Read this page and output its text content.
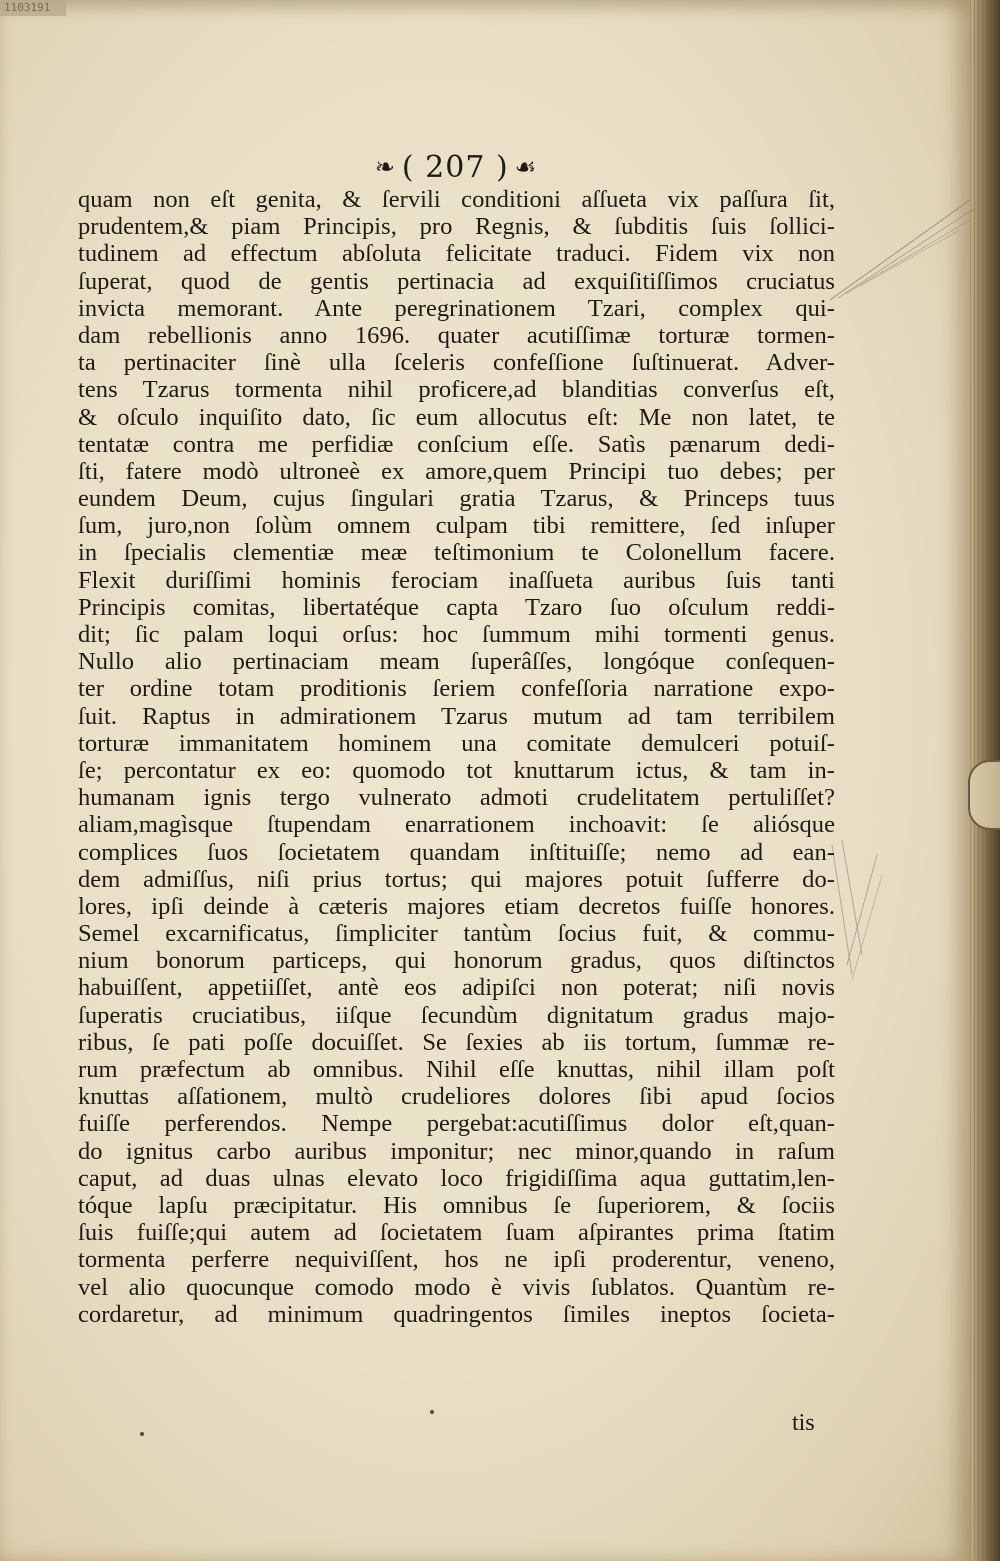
1103191
❧ ( 207 ) ☙
quam non eſt genita, & ſervili conditioni aſſueta vix paſſura ſit,
prudentem,& piam Principis, pro Regnis, & ſubditis ſuis ſollici-
tudinem ad effectum abſoluta felicitate traduci. Fidem vix non
ſuperat, quod de gentis pertinacia ad exquiſitiſſimos cruciatus
invicta memorant. Ante peregrinationem Tzari, complex qui-
dam rebellionis anno 1696. quater acutiſſimæ torturæ tormen-
ta pertinaciter ſinè ulla ſceleris confeſſione ſuſtinuerat. Adver-
tens Tzarus tormenta nihil proficere,ad blanditias converſus eſt,
& oſculo inquiſito dato, ſic eum allocutus eſt: Me non latet, te
tentatæ contra me perfidiæ conſcium eſſe. Satìs pænarum dedi-
ſti, fatere modò ultroneè ex amore,quem Principi tuo debes; per
eundem Deum, cujus ſingulari gratia Tzarus, & Princeps tuus
ſum, juro,non ſolùm omnem culpam tibi remittere, ſed inſuper
in ſpecialis clementiæ meæ teſtimonium te Colonellum facere.
Flexit duriſſimi hominis ferociam inaſſueta auribus ſuis tanti
Principis comitas, libertatéque capta Tzaro ſuo oſculum reddi-
dit; ſic palam loqui orſus: hoc ſummum mihi tormenti genus.
Nullo alio pertinaciam meam ſuperâſſes, longóque conſequen-
ter ordine totam proditionis ſeriem confeſſoria narratione expo-
ſuit. Raptus in admirationem Tzarus mutum ad tam terribilem
torturæ immanitatem hominem una comitate demulceri potuiſ-
ſe; percontatur ex eo: quomodo tot knuttarum ictus, & tam in-
humanam ignis tergo vulnerato admoti crudelitatem pertuliſſet?
aliam,magìsque ſtupendam enarrationem inchoavit: ſe aliósque
complices ſuos ſocietatem quandam inſtituiſſe; nemo ad ean-
dem admiſſus, niſi prius tortus; qui majores potuit ſufferre do-
lores, ipſi deinde à cæteris majores etiam decretos fuiſſe honores.
Semel excarnificatus, ſimpliciter tantùm ſocius fuit, & commu-
nium bonorum particeps, qui honorum gradus, quos diſtinctos
habuiſſent, appetiiſſet, antè eos adipiſci non poterat; niſi novis
ſuperatis cruciatibus, iiſque ſecundùm dignitatum gradus majo-
ribus, ſe pati poſſe docuiſſet. Se ſexies ab iis tortum, ſummæ re-
rum præfectum ab omnibus. Nihil eſſe knuttas, nihil illam poſt
knuttas aſſationem, multò crudeliores dolores ſibi apud ſocios
fuiſſe perferendos. Nempe pergebat:acutiſſimus dolor eſt,quan-
do ignitus carbo auribus imponitur; nec minor,quando in raſum
caput, ad duas ulnas elevato loco frigidiſſima aqua guttatim,len-
tóque lapſu præcipitatur. His omnibus ſe ſuperiorem, & ſociis
ſuis fuiſſe;qui autem ad ſocietatem ſuam aſpirantes prima ſtatim
tormenta perferre nequiviſſent, hos ne ipſi proderentur, veneno,
vel alio quocunque comodo modo è vivis ſublatos. Quantùm re-
cordaretur, ad minimum quadringentos ſimiles ineptos ſocieta-
tis
